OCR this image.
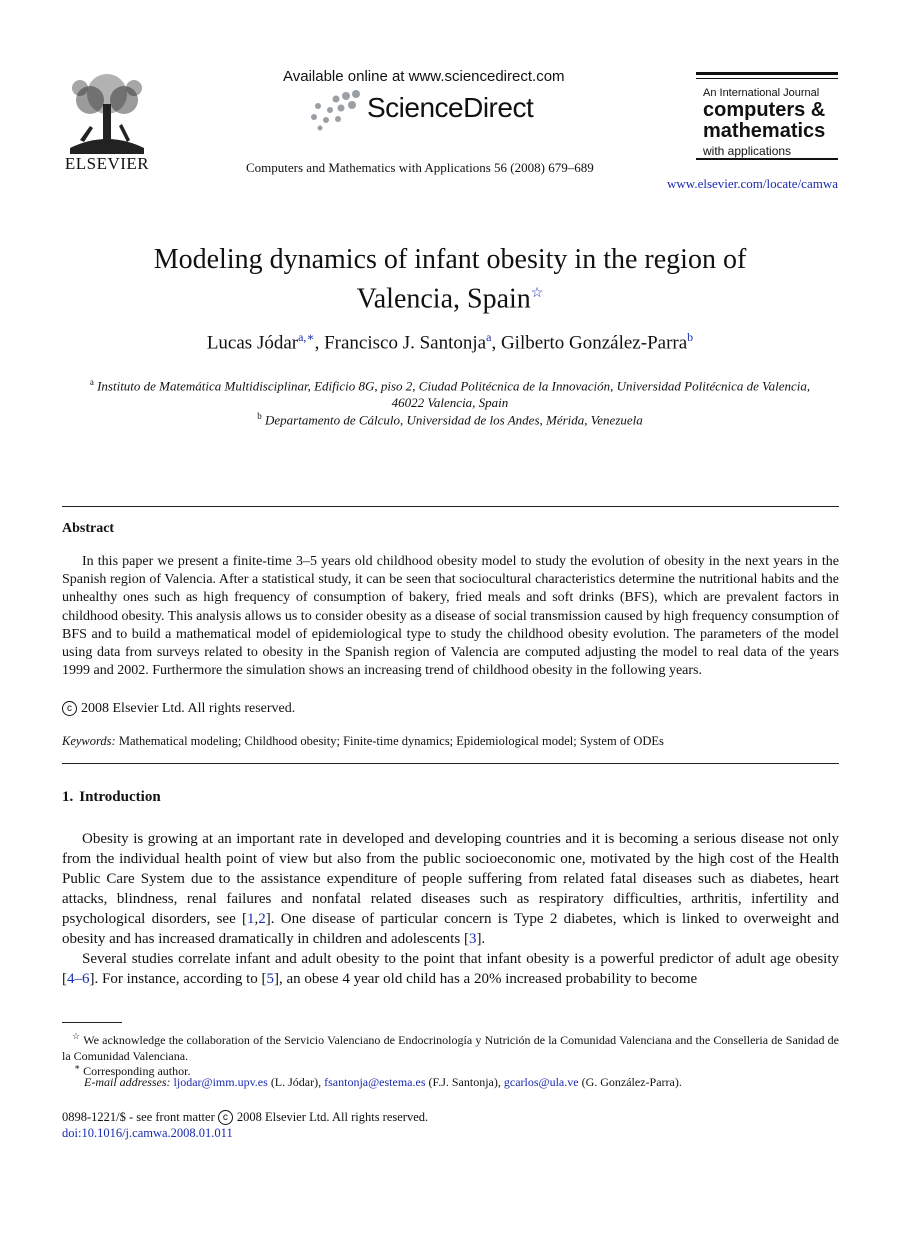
ELSEVIER
Available online at www.sciencedirect.com
ScienceDirect
Computers and Mathematics with Applications 56 (2008) 679–689
An International Journal
computers &
mathematics
with applications
www.elsevier.com/locate/camwa
Modeling dynamics of infant obesity in the region of
Valencia, Spain☆
Lucas Jódar$^{a,∗}$, Francisco J. Santonja$^a$, Gilberto González-Parra$^b$
$^a$ Instituto de Matemática Multidisciplinar, Edificio 8G, piso 2, Ciudad Politécnica de la Innovación, Universidad Politécnica de Valencia,
46022 Valencia, Spain
$^b$ Departamento de Cálculo, Universidad de los Andes, Mérida, Venezuela
Abstract
In this paper we present a finite-time 3–5 years old childhood obesity model to study the evolution of obesity in the next years in the Spanish region of Valencia. After a statistical study, it can be seen that sociocultural characteristics determine the nutritional habits and the unhealthy ones such as high frequency of consumption of bakery, fried meals and soft drinks (BFS), which are prevalent factors in childhood obesity. This analysis allows us to consider obesity as a disease of social transmission caused by high frequency consumption of BFS and to build a mathematical model of epidemiological type to study the childhood obesity evolution. The parameters of the model using data from surveys related to obesity in the Spanish region of Valencia are computed adjusting the model to real data of the years 1999 and 2002. Furthermore the simulation shows an increasing trend of childhood obesity in the following years.
c 2008 Elsevier Ltd. All rights reserved.
Keywords: Mathematical modeling; Childhood obesity; Finite-time dynamics; Epidemiological model; System of ODEs
1. Introduction
Obesity is growing at an important rate in developed and developing countries and it is becoming a serious disease not only from the individual health point of view but also from the public socioeconomic one, motivated by the high cost of the Health Public Care System due to the assistance expenditure of people suffering from related fatal diseases such as diabetes, heart attacks, blindness, renal failures and nonfatal related diseases such as respiratory difficulties, arthritis, infertility and psychological disorders, see [1,2]. One disease of particular concern is Type 2 diabetes, which is linked to overweight and obesity and has increased dramatically in children and adolescents [3].
Several studies correlate infant and adult obesity to the point that infant obesity is a powerful predictor of adult age obesity [4–6]. For instance, according to [5], an obese 4 year old child has a 20% increased probability to become
☆ We acknowledge the collaboration of the Servicio Valenciano de Endocrinología y Nutrición de la Comunidad Valenciana and the Conselleria de Sanidad de la Comunidad Valenciana.
∗ Corresponding author.
E-mail addresses: ljodar@imm.upv.es (L. Jódar), fsantonja@estema.es (F.J. Santonja), gcarlos@ula.ve (G. González-Parra).
0898-1221/$ - see front matter c 2008 Elsevier Ltd. All rights reserved.
doi:10.1016/j.camwa.2008.01.011
